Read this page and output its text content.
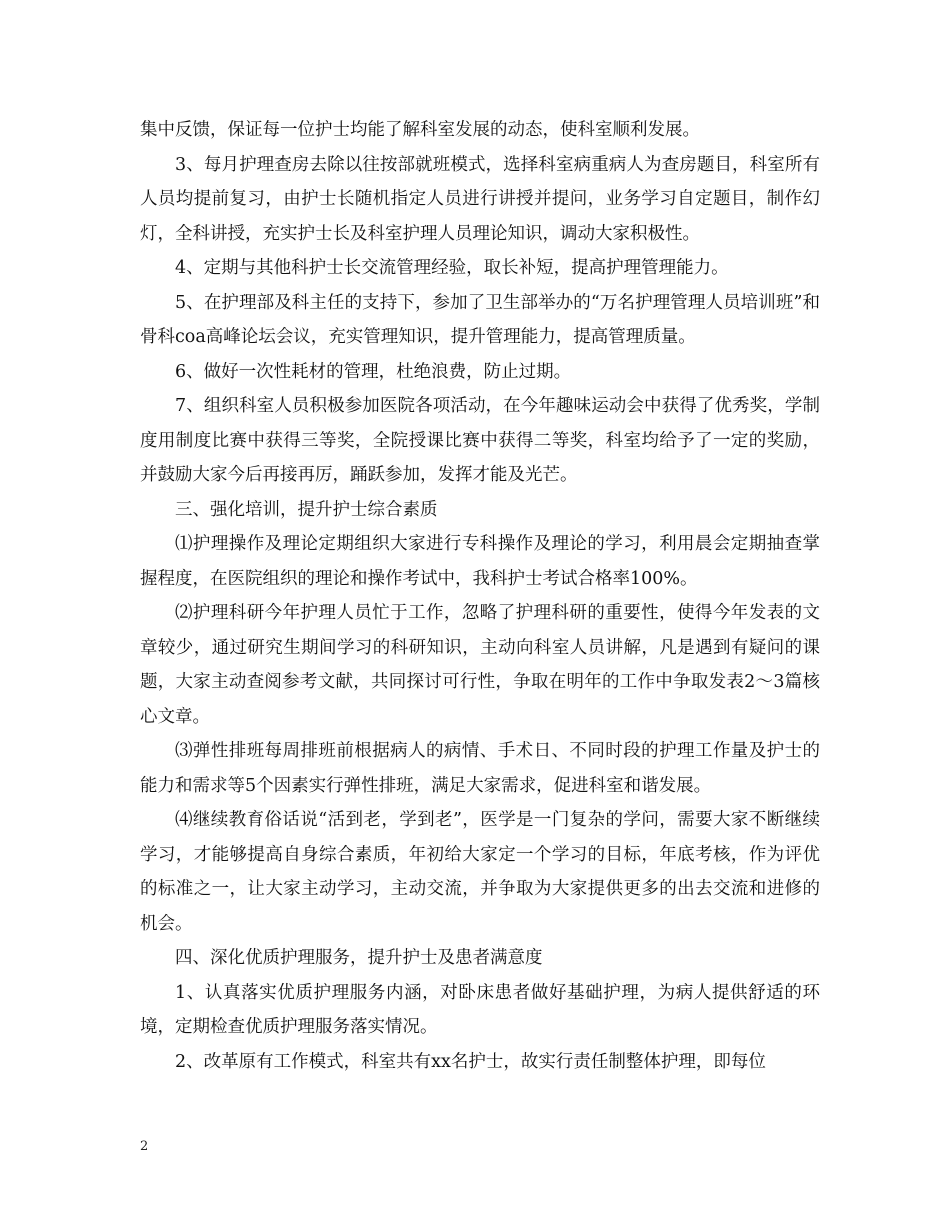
集中反馈，保证每一位护士均能了解科室发展的动态，使科室顺利发展。

3、每月护理查房去除以往按部就班模式，选择科室病重病人为查房题目，科室所有人员均提前复习，由护士长随机指定人员进行讲授并提问，业务学习自定题目，制作幻灯，全科讲授，充实护士长及科室护理人员理论知识，调动大家积极性。

4、定期与其他科护士长交流管理经验，取长补短，提高护理管理能力。

5、在护理部及科主任的支持下，参加了卫生部举办的“万名护理管理人员培训班”和骨科coa高峰论坛会议，充实管理知识，提升管理能力，提高管理质量。

6、做好一次性耗材的管理，杜绝浪费，防止过期。

7、组织科室人员积极参加医院各项活动，在今年趣味运动会中获得了优秀奖，学制度用制度比赛中获得三等奖，全院授课比赛中获得二等奖，科室均给予了一定的奖励，并鼓励大家今后再接再厉，踊跃参加，发挥才能及光芒。

三、强化培训，提升护士综合素质

⑴护理操作及理论定期组织大家进行专科操作及理论的学习，利用晨会定期抽查掌握程度，在医院组织的理论和操作考试中，我科护士考试合格率100%。

⑵护理科研今年护理人员忙于工作，忽略了护理科研的重要性，使得今年发表的文章较少，通过研究生期间学习的科研知识，主动向科室人员讲解，凡是遇到有疑问的课题，大家主动查阅参考文献，共同探讨可行性，争取在明年的工作中争取发表2～3篇核心文章。

⑶弹性排班每周排班前根据病人的病情、手术日、不同时段的护理工作量及护士的能力和需求等5个因素实行弹性排班，满足大家需求，促进科室和谐发展。

⑷继续教育俗话说“活到老，学到老”，医学是一门复杂的学问，需要大家不断继续学习，才能够提高自身综合素质，年初给大家定一个学习的目标，年底考核，作为评优的标准之一，让大家主动学习，主动交流，并争取为大家提供更多的出去交流和进修的机会。

四、深化优质护理服务，提升护士及患者满意度

1、认真落实优质护理服务内涵，对卧床患者做好基础护理，为病人提供舒适的环境，定期检查优质护理服务落实情况。

2、改革原有工作模式，科室共有xx名护士，故实行责任制整体护理，即每位

2
